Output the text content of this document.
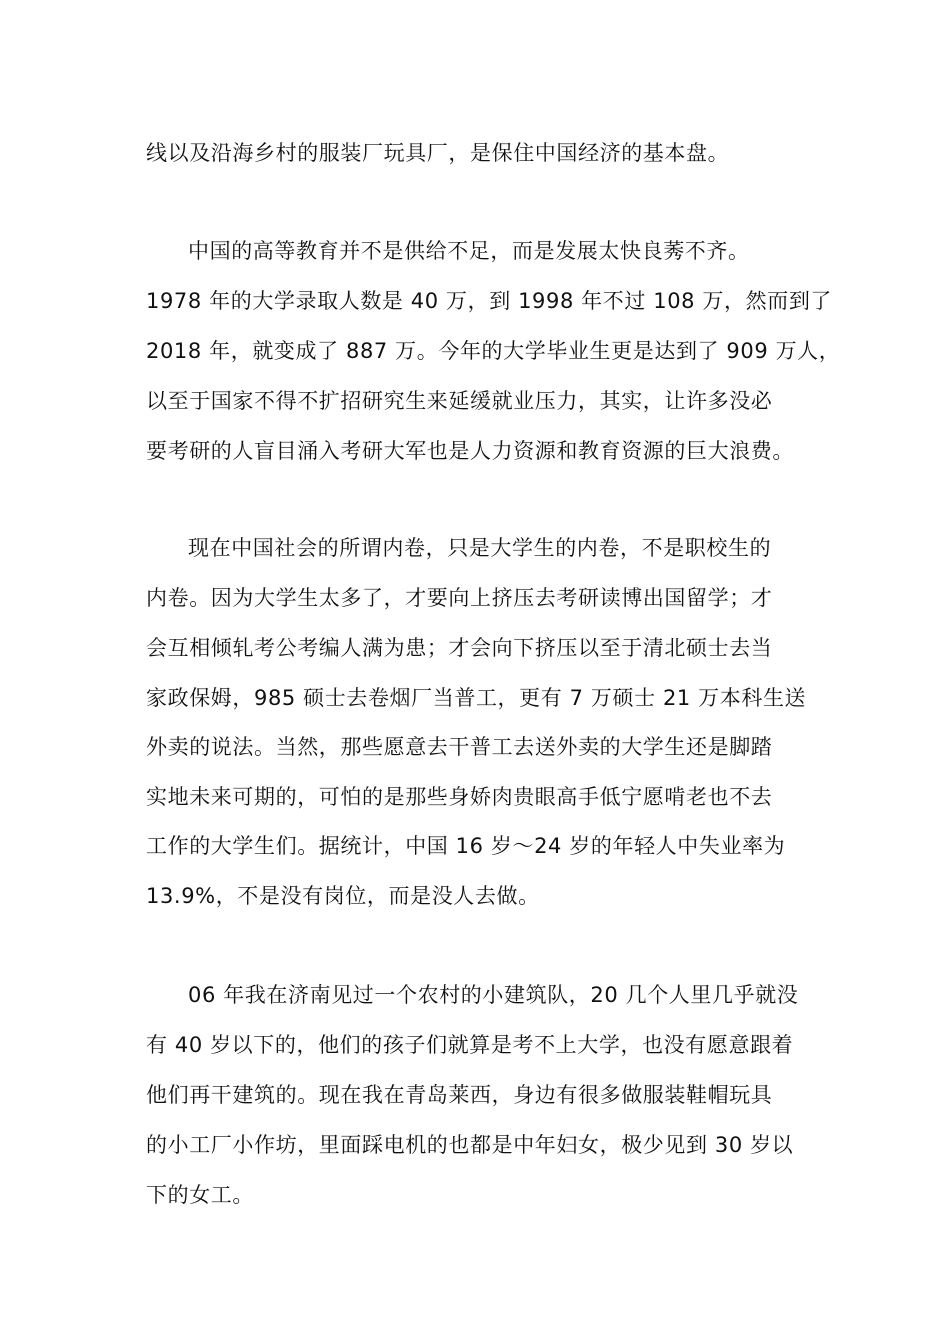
线以及沿海乡村的服装厂玩具厂，是保住中国经济的基本盘。
中国的高等教育并不是供给不足，而是发展太快良莠不齐。
1978 年的大学录取人数是 40 万，到 1998 年不过 108 万，然而到了
2018 年，就变成了 887 万。今年的大学毕业生更是达到了 909 万人，
以至于国家不得不扩招研究生来延缓就业压力，其实，让许多没必
要考研的人盲目涌入考研大军也是人力资源和教育资源的巨大浪费。
现在中国社会的所谓内卷，只是大学生的内卷，不是职校生的
内卷。因为大学生太多了，才要向上挤压去考研读博出国留学；才
会互相倾轧考公考编人满为患；才会向下挤压以至于清北硕士去当
家政保姆，985 硕士去卷烟厂当普工，更有 7 万硕士 21 万本科生送
外卖的说法。当然，那些愿意去干普工去送外卖的大学生还是脚踏
实地未来可期的，可怕的是那些身娇肉贵眼高手低宁愿啃老也不去
工作的大学生们。据统计，中国 16 岁～24 岁的年轻人中失业率为
13.9%，不是没有岗位，而是没人去做。
06 年我在济南见过一个农村的小建筑队，20 几个人里几乎就没
有 40 岁以下的，他们的孩子们就算是考不上大学，也没有愿意跟着
他们再干建筑的。现在我在青岛莱西，身边有很多做服装鞋帽玩具
的小工厂小作坊，里面踩电机的也都是中年妇女，极少见到 30 岁以
下的女工。
